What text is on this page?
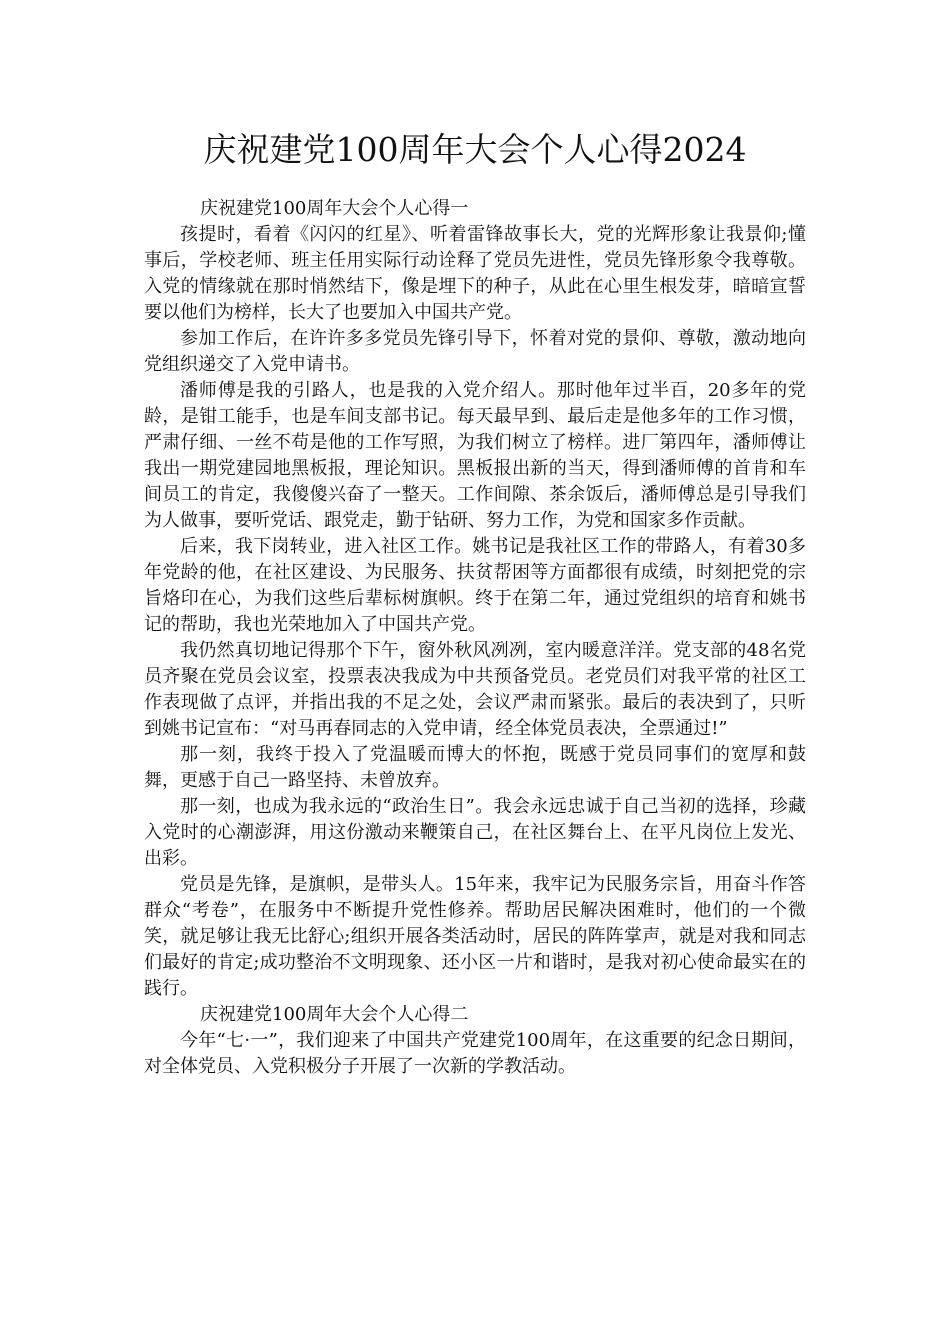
庆祝建党100周年大会个人心得2024

庆祝建党100周年大会个人心得一

孩提时，看着《闪闪的红星》、听着雷锋故事长大，党的光辉形象让我景仰;懂事后，学校老师、班主任用实际行动诠释了党员先进性，党员先锋形象令我尊敬。入党的情缘就在那时悄然结下，像是埋下的种子，从此在心里生根发芽，暗暗宣誓要以他们为榜样，长大了也要加入中国共产党。

参加工作后，在许许多多党员先锋引导下，怀着对党的景仰、尊敬，激动地向党组织递交了入党申请书。

潘师傅是我的引路人，也是我的入党介绍人。那时他年过半百，20多年的党龄，是钳工能手，也是车间支部书记。每天最早到、最后走是他多年的工作习惯，严肃仔细、一丝不苟是他的工作写照，为我们树立了榜样。进厂第四年，潘师傅让我出一期党建园地黑板报，理论知识。黑板报出新的当天，得到潘师傅的首肯和车间员工的肯定，我傻傻兴奋了一整天。工作间隙、茶余饭后，潘师傅总是引导我们为人做事，要听党话、跟党走，勤于钻研、努力工作，为党和国家多作贡献。

后来，我下岗转业，进入社区工作。姚书记是我社区工作的带路人，有着30多年党龄的他，在社区建设、为民服务、扶贫帮困等方面都很有成绩，时刻把党的宗旨烙印在心，为我们这些后辈标树旗帜。终于在第二年，通过党组织的培育和姚书记的帮助，我也光荣地加入了中国共产党。

我仍然真切地记得那个下午，窗外秋风冽冽，室内暖意洋洋。党支部的48名党员齐聚在党员会议室，投票表决我成为中共预备党员。老党员们对我平常的社区工作表现做了点评，并指出我的不足之处，会议严肃而紧张。最后的表决到了，只听到姚书记宣布：“对马再春同志的入党申请，经全体党员表决，全票通过!”

那一刻，我终于投入了党温暖而博大的怀抱，既感于党员同事们的宽厚和鼓舞，更感于自己一路坚持、未曾放弃。

那一刻，也成为我永远的“政治生日”。我会永远忠诚于自己当初的选择，珍藏入党时的心潮澎湃，用这份激动来鞭策自己，在社区舞台上、在平凡岗位上发光、出彩。

党员是先锋，是旗帜，是带头人。15年来，我牢记为民服务宗旨，用奋斗作答群众“考卷”，在服务中不断提升党性修养。帮助居民解决困难时，他们的一个微笑，就足够让我无比舒心;组织开展各类活动时，居民的阵阵掌声，就是对我和同志们最好的肯定;成功整治不文明现象、还小区一片和谐时，是我对初心使命最实在的践行。

庆祝建党100周年大会个人心得二

今年“七·一”，我们迎来了中国共产党建党100周年，在这重要的纪念日期间，对全体党员、入党积极分子开展了一次新的学教活动。
